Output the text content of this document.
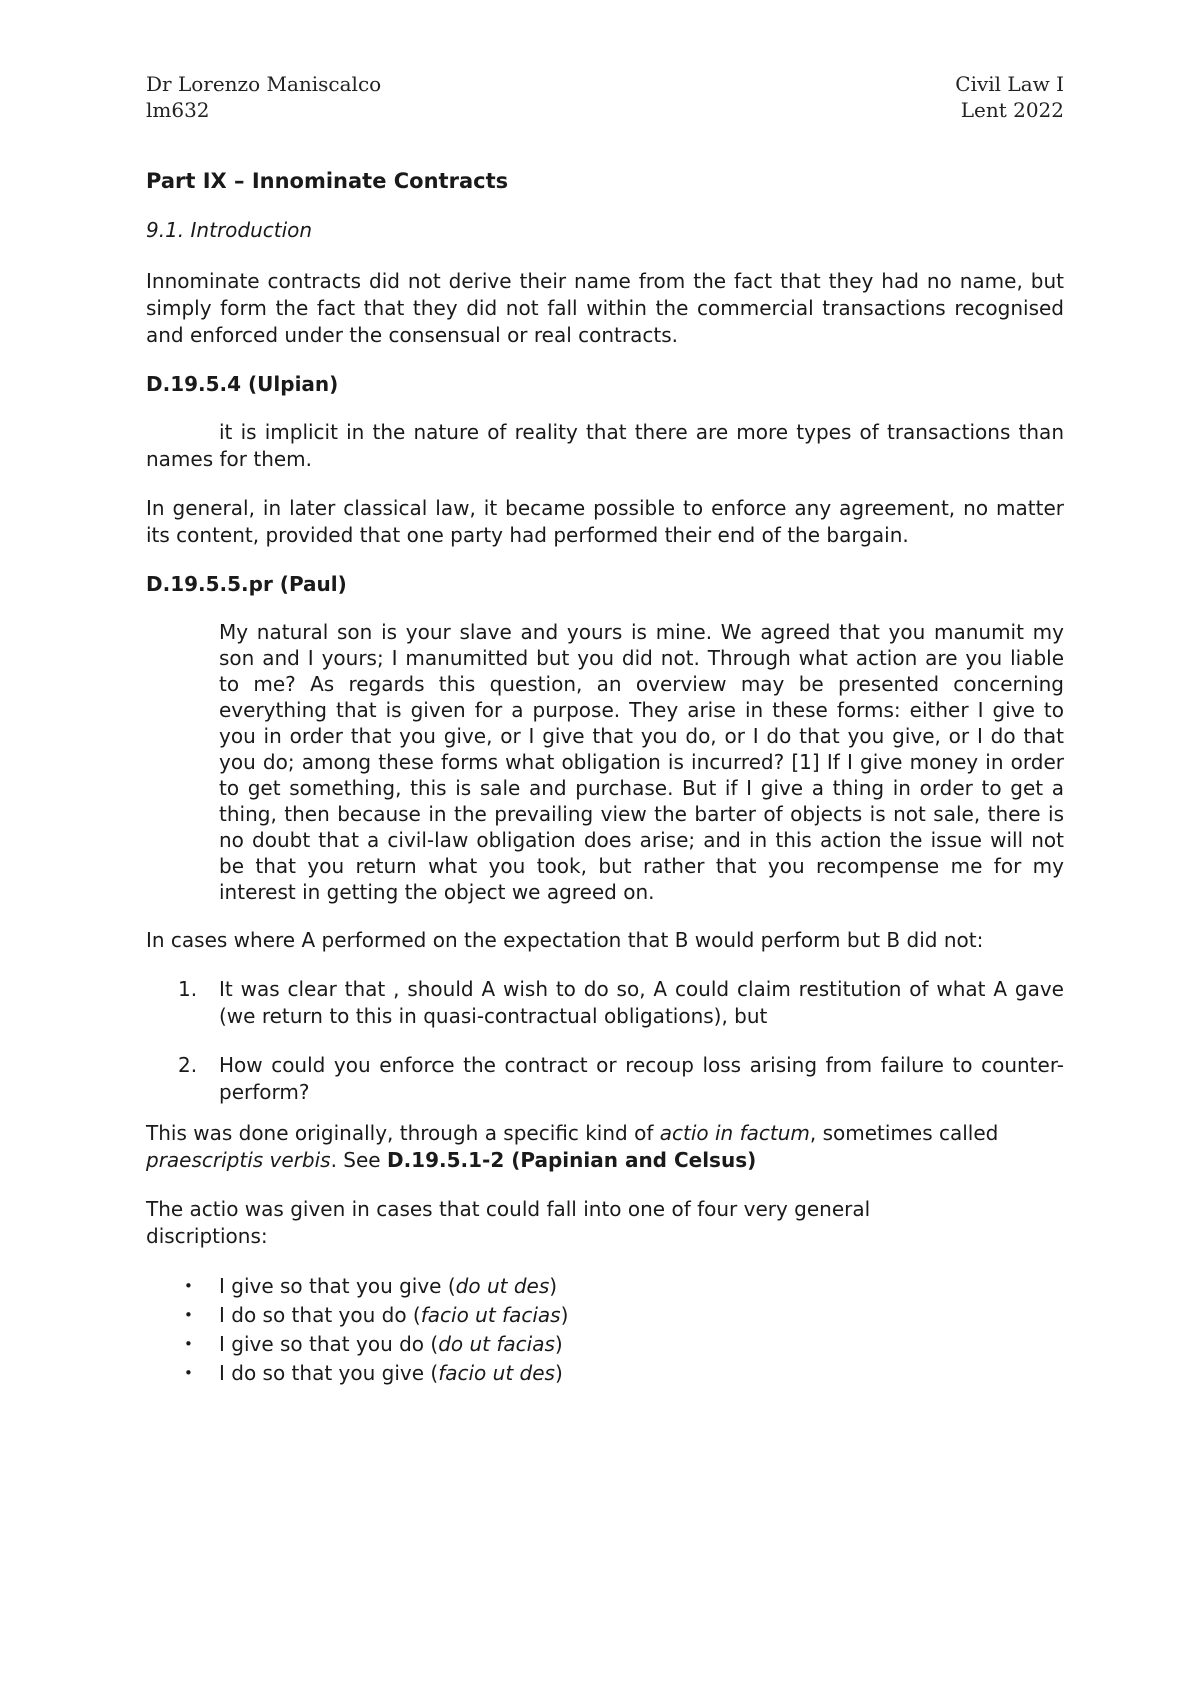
Dr Lorenzo Maniscalco
lm632
Civil Law I
Lent 2022

Part IX – Innominate Contracts

9.1. Introduction

Innominate contracts did not derive their name from the fact that they had no name, but simply form the fact that they did not fall within the commercial transactions recognised and enforced under the consensual or real contracts.

D.19.5.4 (Ulpian)

it is implicit in the nature of reality that there are more types of transactions than names for them.

In general, in later classical law, it became possible to enforce any agreement, no matter its content, provided that one party had performed their end of the bargain.

D.19.5.5.pr (Paul)

My natural son is your slave and yours is mine. We agreed that you manumit my son and I yours; I manumitted but you did not. Through what action are you liable to me? As regards this question, an overview may be presented concerning everything that is given for a purpose. They arise in these forms: either I give to you in order that you give, or I give that you do, or I do that you give, or I do that you do; among these forms what obligation is incurred? [1] If I give money in order to get something, this is sale and purchase. But if I give a thing in order to get a thing, then because in the prevailing view the barter of objects is not sale, there is no doubt that a civil-law obligation does arise; and in this action the issue will not be that you return what you took, but rather that you recompense me for my interest in getting the object we agreed on.

In cases where A performed on the expectation that B would perform but B did not:

1. It was clear that , should A wish to do so, A could claim restitution of what A gave (we return to this in quasi-contractual obligations), but
2. How could you enforce the contract or recoup loss arising from failure to counter-perform?

This was done originally, through a specific kind of actio in factum, sometimes called praescriptis verbis. See D.19.5.1-2 (Papinian and Celsus)

The actio was given in cases that could fall into one of four very general discriptions:

• I give so that you give (do ut des)
• I do so that you do (facio ut facias)
• I give so that you do (do ut facias)
• I do so that you give (facio ut des)
